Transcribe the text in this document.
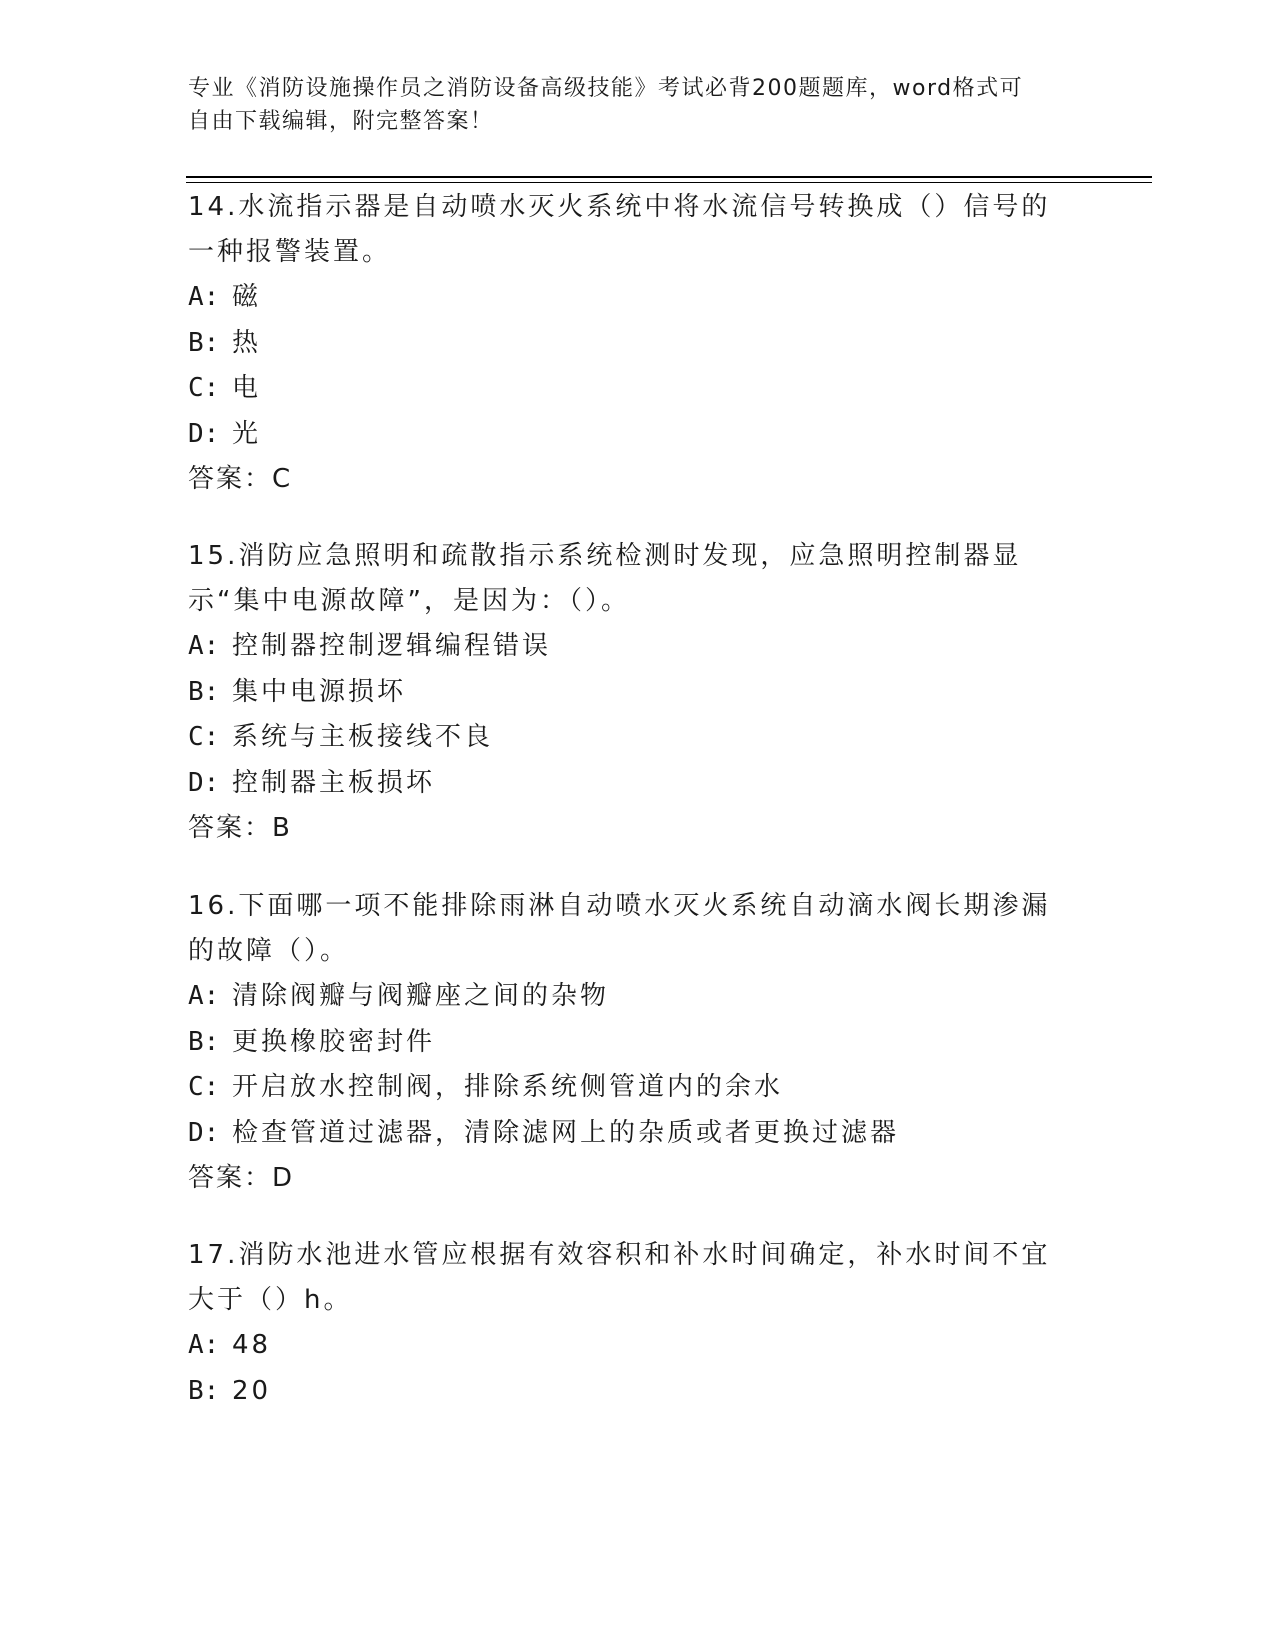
专业《消防设施操作员之消防设备高级技能》考试必背200题题库，word格式可
自由下载编辑，附完整答案！
14.水流指示器是自动喷水灭火系统中将水流信号转换成（）信号的一种报警装置。
A: 磁
B: 热
C: 电
D: 光
答案：C
15.消防应急照明和疏散指示系统检测时发现，应急照明控制器显示“集中电源故障”，是因为：（）。
A: 控制器控制逻辑编程错误
B: 集中电源损坏
C: 系统与主板接线不良
D: 控制器主板损坏
答案：B
16.下面哪一项不能排除雨淋自动喷水灭火系统自动滴水阀长期渗漏的故障（）。
A: 清除阀瓣与阀瓣座之间的杂物
B: 更换橡胶密封件
C: 开启放水控制阀，排除系统侧管道内的余水
D: 检查管道过滤器，清除滤网上的杂质或者更换过滤器
答案：D
17.消防水池进水管应根据有效容积和补水时间确定，补水时间不宜大于（）h。
A: 48
B: 20
